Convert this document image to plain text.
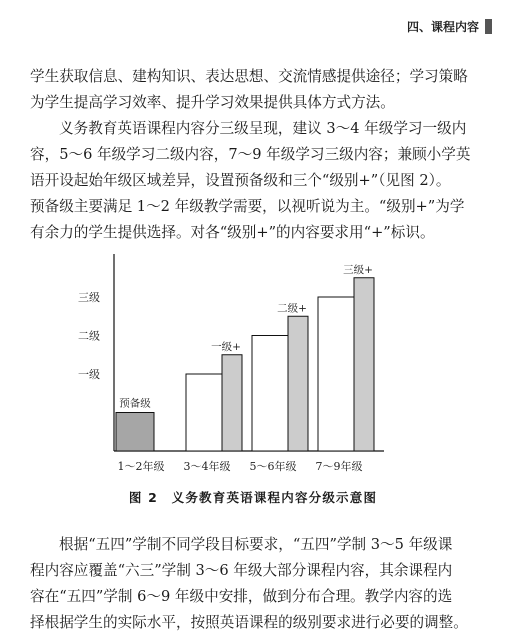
四、课程内容
学生获取信息、建构知识、表达思想、交流情感提供途径；学习策略
为学生提高学习效率、提升学习效果提供具体方式方法。
义务教育英语课程内容分三级呈现，建议 3～4 年级学习一级内
容，5～6 年级学习二级内容，7～9 年级学习三级内容；兼顾小学英
语开设起始年级区域差异，设置预备级和三个“级别+”（见图 2）。
预备级主要满足 1～2 年级教学需要，以视听说为主。“级别+”为学
有余力的学生提供选择。对各“级别+”的内容要求用“+”标识。
一级
二级
三级
1～2年级 3～4年级 5～6年级 7～9年级
预备级
一级+
二级+
三级+
图 2　义务教育英语课程内容分级示意图
根据“五四”学制不同学段目标要求，“五四”学制 3～5 年级课
程内容应覆盖“六三”学制 3～6 年级大部分课程内容，其余课程内
容在“五四”学制 6～9 年级中安排，做到分布合理。教学内容的选
择根据学生的实际水平，按照英语课程的级别要求进行必要的调整。
